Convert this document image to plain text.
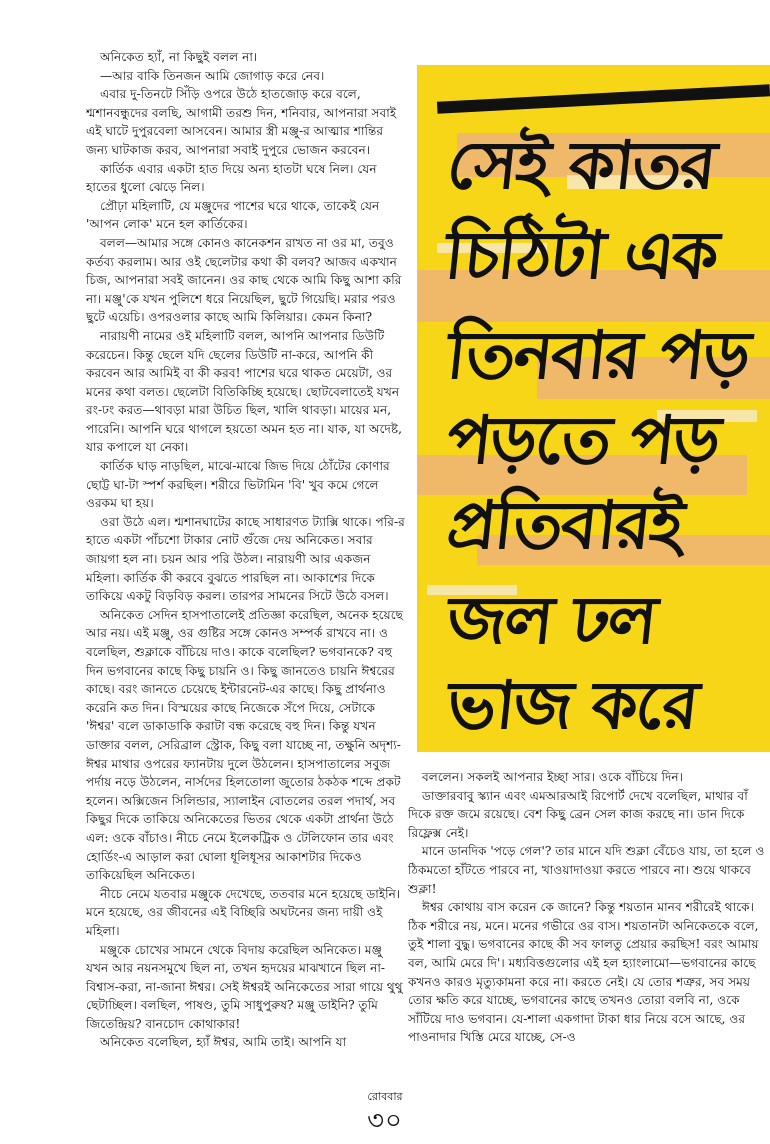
অনিকেত হ্যাঁ, না কিছুই বলল না।

—আর বাকি তিনজন আমি জোগাড় করে নেব।

এবার দু-তিনটে সিঁড়ি ওপরে উঠে হাতজোড় করে বলে, শ্মশানবন্ধুদের বলছি, আগামী তরশু দিন, শনিবার, আপনারা সবাই এই ঘাটে দুপুরবেলা আসবেন। আমার স্ত্রী মঞ্জু-র আত্মার শান্তির জন্য ঘাটকাজ করব, আপনারা সবাই দুপুরে ভোজন করবেন।

কার্তিক এবার একটা হাত দিয়ে অন্য হাতটা ঘষে নিল। যেন হাতের ধুলো ঝেড়ে নিল।

প্রৌঢ়া মহিলাটি, যে মঞ্জুদের পাশের ঘরে থাকে, তাকেই যেন 'আপন লোক' মনে হল কার্তিকের।

বলল—আমার সঙ্গে কোনও কানেকশন রাখত না ওর মা, তবুও কর্তব্য করলাম। আর ওই ছেলেটার কথা কী বলব? আজব একখান চিজ, আপনারা সবই জানেন। ওর কাছ থেকে আমি কিছু আশা করি না। মঞ্জু'কে যখন পুলিশে ধরে নিয়েছিল, ছুটে গিয়েছি। মরার পরও ছুটে এয়েচি। ওপরওলার কাছে আমি কিলিয়ার। কেমন কিনা?

নারায়ণী নামের ওই মহিলাটি বলল, আপনি আপনার ডিউটি করেচেন। কিন্তু ছেলে যদি ছেলের ডিউটি না-করে, আপনি কী করবেন আর আমিই বা কী করব! পাশের ঘরে থাকত মেয়েটা, ওর মনের কথা বলত। ছেলেটা বিতিকিচ্ছি হয়েছে। ছোটবেলাতেই যখন রং-ঢং করত—থাবড়া মারা উচিত ছিল, খালি থাবড়া। মায়ের মন, পারেনি। আপনি ঘরে থাগলে হয়তো অমন হত না। যাক, যা অদেষ্ট, যার কপালে যা নেকা।

কার্তিক ঘাড় নাড়ছিল, মাঝে-মাঝে জিভ দিয়ে ঠোঁটের কোণার ছোট্ট ঘা-টা স্পর্শ করছিল। শরীরে ভিটামিন 'বি' খুব কমে গেলে ওরকম ঘা হয়।

ওরা উঠে এল। শ্মশানঘাটের কাছে সাধারণত ট্যাক্সি থাকে। পরি-র হাতে একটা পাঁচশো টাকার নোট গুঁজে দেয় অনিকেত। সবার জায়গা হল না। চয়ন আর পরি উঠল। নারায়ণী আর একজন মহিলা। কার্তিক কী করবে বুঝতে পারছিল না। আকাশের দিকে তাকিয়ে একটু বিড়বিড় করল। তারপর সামনের সিটে উঠে বসল।

অনিকেত সেদিন হাসপাতালেই প্রতিজ্ঞা করেছিল, অনেক হয়েছে আর নয়। এই মঞ্জু, ওর গুষ্টির সঙ্গে কোনও সম্পর্ক রাখবে না। ও বলেছিল, শুক্লাকে বাঁচিয়ে দাও। কাকে বলেছিল? ভগবানকে? বহু দিন ভগবানের কাছে কিছু চায়নি ও। কিছু জানতেও চায়নি ঈশ্বরের কাছে। বরং জানতে চেয়েছে ইন্টারনেট-এর কাছে। কিছু প্রার্থনাও করেনি কত দিন। বিস্ময়ের কাছে নিজেকে সঁপে দিয়ে, সেটাকে 'ঈশ্বর' বলে ডাকাডাকি করাটা বন্ধ করেছে বহু দিন। কিন্তু যখন ডাক্তার বলল, সেরিব্রাল স্ট্রোক, কিছু বলা যাচ্ছে না, তক্ষুনি অদৃশ্য-ঈশ্বর মাথার ওপরের ফ্যানটায় দুলে উঠলেন। হাসপাতালের সবুজ পর্দায় নড়ে উঠলেন, নার্সদের হিলতোলা জুতোর ঠকঠক শব্দে প্রকট হলেন। অক্সিজেন সিলিন্ডার, স্যালাইন বোতলের তরল পদার্থ, সব কিছুর দিকে তাকিয়ে অনিকেতের ভিতর থেকে একটা প্রার্থনা উঠে এল: ওকে বাঁচাও। নীচে নেমে ইলেকট্রিক ও টেলিফোন তার এবং হোর্ডিং-এ আড়াল করা ঘোলা ধূলিধূসর আকাশটার দিকেও তাকিয়েছিল অনিকেত।

নীচে নেমে যতবার মঞ্জুকে দেখেছে, ততবার মনে হয়েছে ডাইনি। মনে হয়েছে, ওর জীবনের এই বিচ্ছিরি অঘটনের জন্য দায়ী ওই মহিলা।

মঞ্জুকে চোখের সামনে থেকে বিদায় করেছিল অনিকেত। মঞ্জু যখন আর নয়নসমুখে ছিল না, তখন হৃদয়ের মাঝখানে ছিল না-বিশ্বাস-করা, না-জানা ঈশ্বর। সেই ঈশ্বরই অনিকেতের সারা গায়ে থুথু ছেটাচ্ছিল। বলছিল, পাষণ্ড, তুমি সাধুপুরুষ? মঞ্জু ডাইনি? তুমি জিতেন্দ্রিয়? বানচোদ কোথাকার!

অনিকেত বলেছিল, হ্যাঁ ঈশ্বর, আমি তাই। আপনি যা

সেই কাতর
চিঠিটা এক
তিনবার পড়
পড়তে পড়
প্রতিবারই
জল ঢল
ভাজ করে

বললেন। সকলই আপনার ইচ্ছা সার। ওকে বাঁচিয়ে দিন।

ডাক্তারবাবু স্ক্যান এবং এমআরআই রিপোর্ট দেখে বলেছিল, মাথার বাঁ দিকে রক্ত জমে রয়েছে। বেশ কিছু ব্রেন সেল কাজ করছে না। ডান দিকে রিফ্লেক্স নেই।

মানে ডানদিক 'পড়ে গেল'? তার মানে যদি শুক্লা বেঁচেও যায়, তা হলে ও ঠিকমতো হাঁটতে পারবে না, খাওয়াদাওয়া করতে পারবে না। শুয়ে থাকবে শুক্লা!

ঈশ্বর কোথায় বাস করেন কে জানে? কিন্তু শয়তান মানব শরীরেই থাকে। ঠিক শরীরে নয়, মনে। মনের গভীরে ওর বাস। শয়তানটা অনিকেতকে বলে, তুই শালা বুদ্ধু। ভগবানের কাছে কী সব ফালতু প্রেয়ার করছিস! বরং আমায় বল, আমি মেরে দি'। মধ্যবিত্তগুলোর এই হল হ্যাংলামো—ভগবানের কাছে কখনও কারও মৃত্যুকামনা করে না। করতে নেই। যে তোর শত্রুর, সব সময় তোর ক্ষতি করে যাচ্ছে, ভগবানের কাছে তখনও তোরা বলবি না, ওকে সাঁটিয়ে দাও ভগবান। যে-শালা একগাদা টাকা ধার নিয়ে বসে আছে, ওর পাওনাদার খিস্তি মেরে যাচ্ছে, সে-ও

রোববার
৩০
